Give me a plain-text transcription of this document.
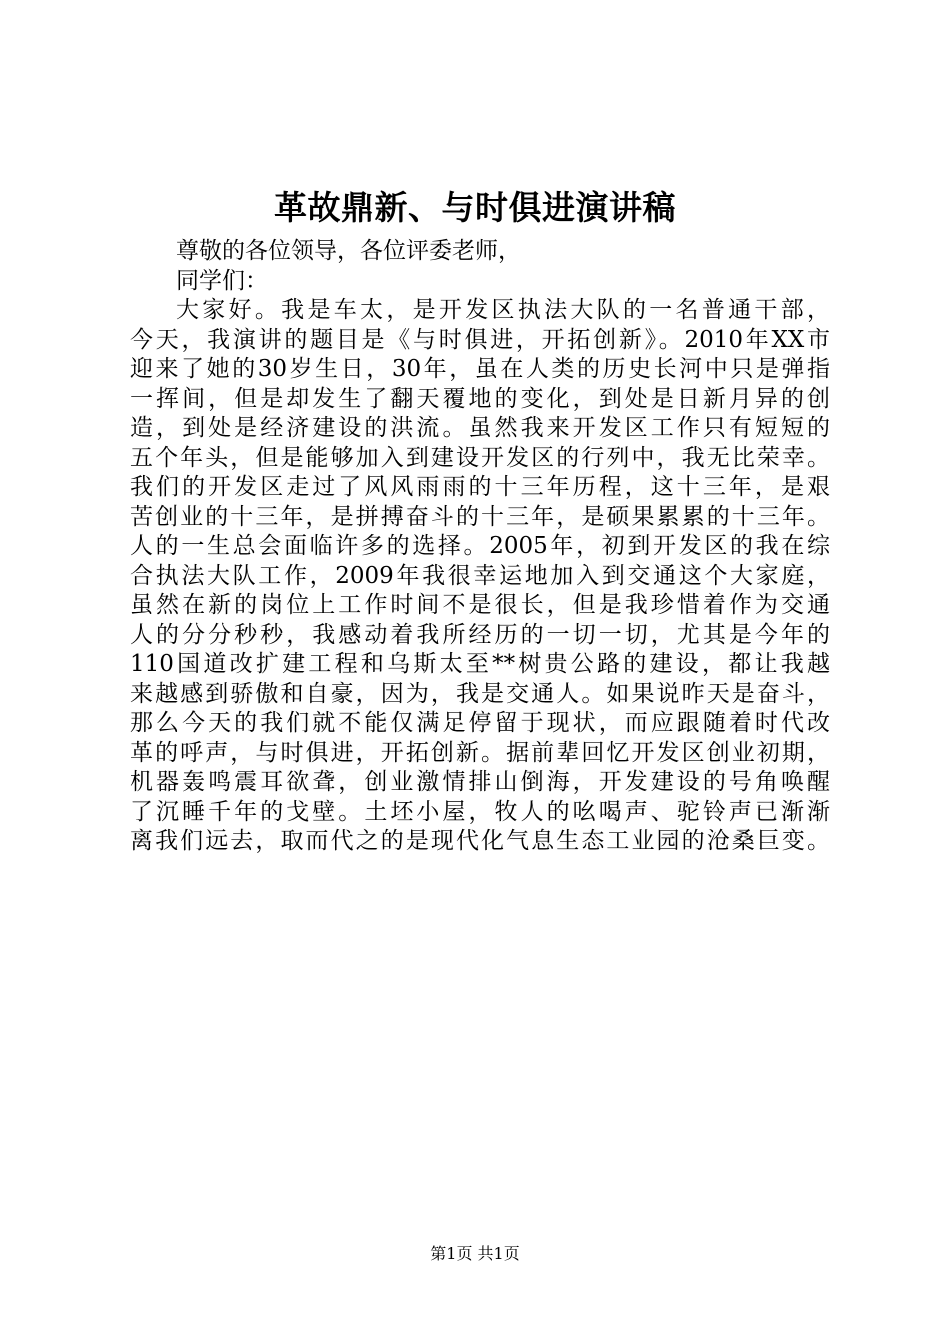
革故鼎新、与时俱进演讲稿
尊敬的各位领导，各位评委老师，
同学们：
大家好。我是车太，是开发区执法大队的一名普通干部，
今天，我演讲的题目是《与时俱进，开拓创新》。2010年XX市
迎来了她的30岁生日，30年，虽在人类的历史长河中只是弹指
一挥间，但是却发生了翻天覆地的变化，到处是日新月异的创
造，到处是经济建设的洪流。虽然我来开发区工作只有短短的
五个年头，但是能够加入到建设开发区的行列中，我无比荣幸。
我们的开发区走过了风风雨雨的十三年历程，这十三年，是艰
苦创业的十三年，是拼搏奋斗的十三年，是硕果累累的十三年。
人的一生总会面临许多的选择。2005年，初到开发区的我在综
合执法大队工作，2009年我很幸运地加入到交通这个大家庭，
虽然在新的岗位上工作时间不是很长，但是我珍惜着作为交通
人的分分秒秒，我感动着我所经历的一切一切，尤其是今年的
110国道改扩建工程和乌斯太至**树贵公路的建设，都让我越
来越感到骄傲和自豪，因为，我是交通人。如果说昨天是奋斗，
那么今天的我们就不能仅满足停留于现状，而应跟随着时代改
革的呼声，与时俱进，开拓创新。据前辈回忆开发区创业初期，
机器轰鸣震耳欲聋，创业激情排山倒海，开发建设的号角唤醒
了沉睡千年的戈壁。土坯小屋，牧人的吆喝声、驼铃声已渐渐
离我们远去，取而代之的是现代化气息生态工业园的沧桑巨变。
第1页 共1页
